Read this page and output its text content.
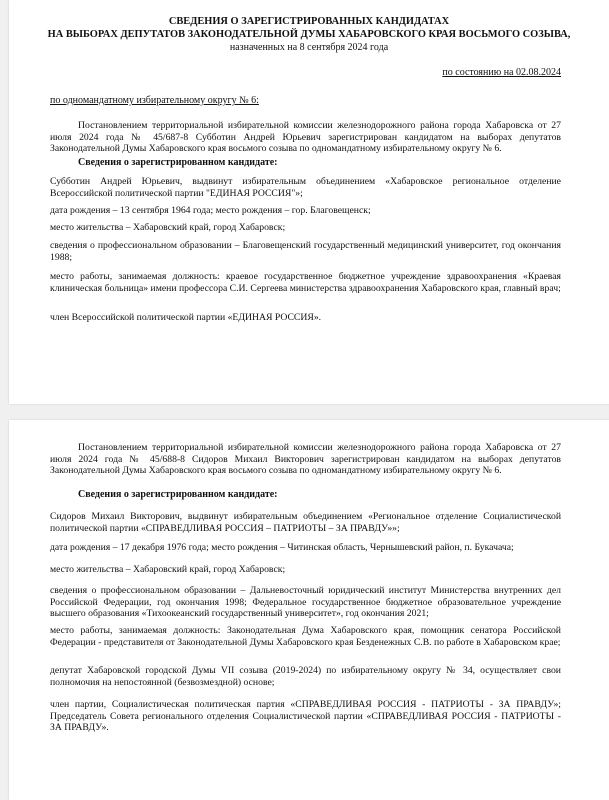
СВЕДЕНИЯ О ЗАРЕГИСТРИРОВАННЫХ КАНДИДАТАХ
НА ВЫБОРАХ ДЕПУТАТОВ ЗАКОНОДАТЕЛЬНОЙ ДУМЫ ХАБАРОВСКОГО КРАЯ ВОСЬМОГО СОЗЫВА,
назначенных на 8 сентября 2024 года
по состоянию на 02.08.2024
по одномандатному избирательному округу № 6:
Постановлением территориальной избирательной комиссии железнодорожного района города Хабаровска от 27 июля 2024 года № 45/687-8 Субботин Андрей Юрьевич зарегистрирован кандидатом на выборах депутатов Законодательной Думы Хабаровского края восьмого созыва по одномандатному избирательному округу № 6.
Сведения о зарегистрированном кандидате:
Субботин Андрей Юрьевич, выдвинут избирательным объединением «Хабаровское региональное отделение Всероссийской политической партии "ЕДИНАЯ РОССИЯ"»;
дата рождения – 13 сентября 1964 года; место рождения – гор. Благовещенск;
место жительства – Хабаровский край, город Хабаровск;
сведения о профессиональном образовании – Благовещенский государственный медицинский университет, год окончания 1988;
место работы, занимаемая должность: краевое государственное бюджетное учреждение здравоохранения «Краевая клиническая больница» имени профессора С.И. Сергеева министерства здравоохранения Хабаровского края, главный врач;
член Всероссийской политической партии «ЕДИНАЯ РОССИЯ».
Постановлением территориальной избирательной комиссии железнодорожного района города Хабаровска от 27 июля 2024 года № 45/688-8 Сидоров Михаил Викторович зарегистрирован кандидатом на выборах депутатов Законодательной Думы Хабаровского края восьмого созыва по одномандатному избирательному округу № 6.
Сведения о зарегистрированном кандидате:
Сидоров Михаил Викторович, выдвинут избирательным объединением «Региональное отделение Социалистической политической партии «СПРАВЕДЛИВАЯ РОССИЯ – ПАТРИОТЫ – ЗА ПРАВДУ»»;
дата рождения – 17 декабря 1976 года; место рождения – Читинская область, Чернышевский район, п. Букачача;
место жительства – Хабаровский край, город Хабаровск;
сведения о профессиональном образовании – Дальневосточный юридический институт Министерства внутренних дел Российской Федерации, год окончания 1998; Федеральное государственное бюджетное образовательное учреждение высшего образования «Тихоокеанский государственный университет», год окончания 2021;
место работы, занимаемая должность: Законодательная Дума Хабаровского края, помощник сенатора Российской Федерации - представителя от Законодательной Думы Хабаровского края Безденежных С.В. по работе в Хабаровском крае;
депутат Хабаровской городской Думы VII созыва (2019-2024) по избирательному округу № 34, осуществляет свои полномочия на непостоянной (безвозмездной) основе;
член партии, Социалистическая политическая партия «СПРАВЕДЛИВАЯ РОССИЯ - ПАТРИОТЫ - ЗА ПРАВДУ»; Председатель Совета регионального отделения Социалистической партии «СПРАВЕДЛИВАЯ РОССИЯ - ПАТРИОТЫ - ЗА ПРАВДУ».
